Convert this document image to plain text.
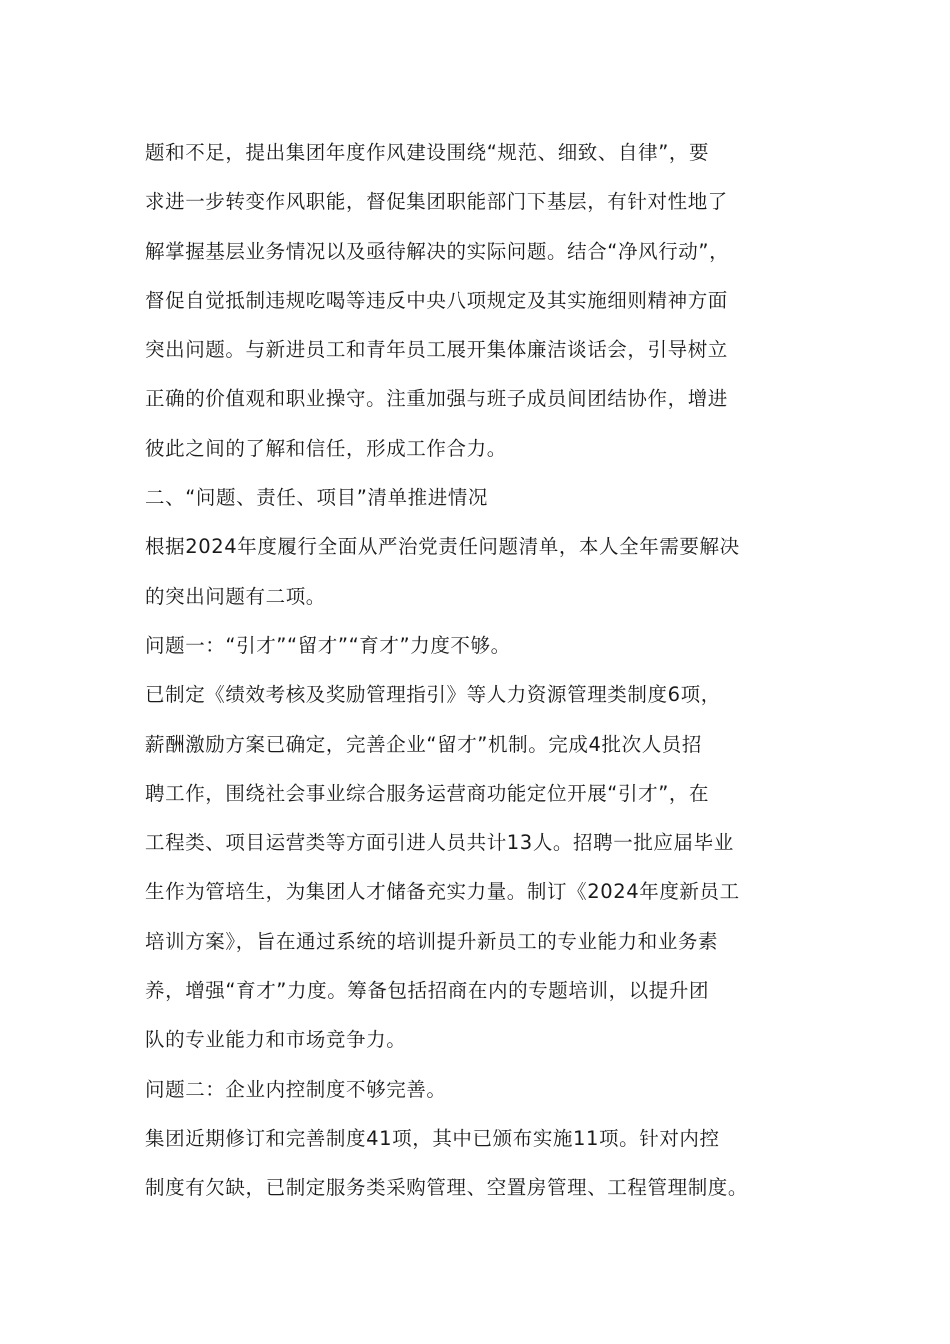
题和不足，提出集团年度作风建设围绕“规范、细致、自律”，要
求进一步转变作风职能，督促集团职能部门下基层，有针对性地了
解掌握基层业务情况以及亟待解决的实际问题。结合“净风行动”，
督促自觉抵制违规吃喝等违反中央八项规定及其实施细则精神方面
突出问题。与新进员工和青年员工展开集体廉洁谈话会，引导树立
正确的价值观和职业操守。注重加强与班子成员间团结协作，增进
彼此之间的了解和信任，形成工作合力。

二、“问题、责任、项目”清单推进情况

根据2024年度履行全面从严治党责任问题清单，本人全年需要解决
的突出问题有二项。

问题一：“引才”“留才”“育才”力度不够。

已制定《绩效考核及奖励管理指引》等人力资源管理类制度6项，
薪酬激励方案已确定，完善企业“留才”机制。完成4批次人员招
聘工作，围绕社会事业综合服务运营商功能定位开展“引才”，在
工程类、项目运营类等方面引进人员共计13人。招聘一批应届毕业
生作为管培生，为集团人才储备充实力量。制订《2024年度新员工
培训方案》，旨在通过系统的培训提升新员工的专业能力和业务素
养，增强“育才”力度。筹备包括招商在内的专题培训，以提升团
队的专业能力和市场竞争力。

问题二：企业内控制度不够完善。

集团近期修订和完善制度41项，其中已颁布实施11项。针对内控
制度有欠缺，已制定服务类采购管理、空置房管理、工程管理制度。
